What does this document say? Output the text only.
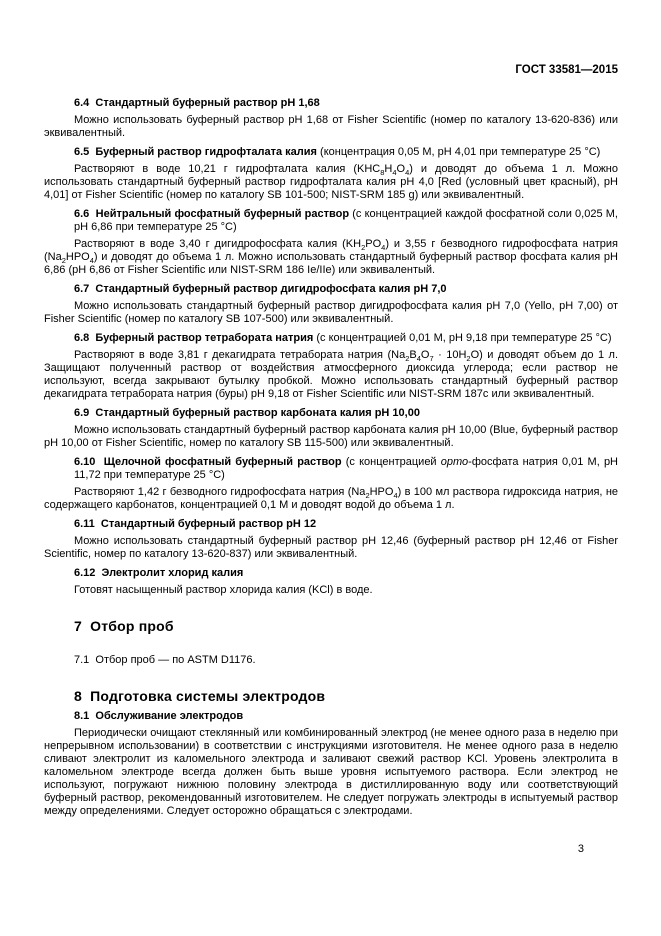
ГОСТ 33581—2015
6.4  Стандартный буферный раствор pH 1,68
Можно использовать буферный раствор pH 1,68 от Fisher Scientific (номер по каталогу 13-620-836) или эквивалентный.
6.5  Буферный раствор гидрофталата калия (концентрация 0,05 М, pH 4,01 при температуре 25 °C)
Растворяют в воде 10,21 г гидрофталата калия $(KHC_8H_4O_4)$ и доводят до объема 1 л. Можно использовать стандартный буферный раствор гидрофталата калия pH 4,0 [Red (условный цвет красный), pH 4,01] от Fisher Scientific (номер по каталогу SB 101-500; NIST-SRM 185 g) или эквивалентный.
6.6  Нейтральный фосфатный буферный раствор (с концентрацией каждой фосфатной соли 0,025 М, pH 6,86 при температуре 25 °C)
Растворяют в воде 3,40 г дигидрофосфата калия $(KH_2PO_4)$ и 3,55 г безводного гидрофосфата натрия $(Na_2HPO_4)$ и доводят до объема 1 л. Можно использовать стандартный буферный раствор фосфата калия pH 6,86 (pH 6,86 от Fisher Scientific или NIST-SRM 186 Ie/IIe) или эквивалентый.
6.7  Стандартный буферный раствор дигидрофосфата калия pH 7,0
Можно использовать стандартный буферный раствор дигидрофосфата калия pH 7,0 (Yello, pH 7,00) от Fisher Scientific (номер по каталогу SB 107-500) или эквивалентный.
6.8  Буферный раствор тетрабората натрия (с концентрацией 0,01 М, pH 9,18 при температуре 25 °C)
Растворяют в воде 3,81 г декагидрата тетрабората натрия $(Na_2B_4O_7 \cdot 10H_2O)$ и доводят объем до 1 л. Защищают полученный раствор от воздействия атмосферного диоксида углерода; если раствор не используют, всегда закрывают бутылку пробкой. Можно использовать стандартный буферный раствор декагидрата тетрабората натрия (буры) pH 9,18 от Fisher Scientific или NIST-SRM 187c или эквивалентный.
6.9  Стандартный буферный раствор карбоната калия pH 10,00
Можно использовать стандартный буферный раствор карбоната калия pH 10,00 (Blue, буферный раствор pH 10,00 от Fisher Scientific, номер по каталогу SB 115-500) или эквивалентный.
6.10  Щелочной фосфатный буферный раствор (с концентрацией орто-фосфата натрия 0,01 М, pH 11,72 при температуре 25 °C)
Растворяют 1,42 г безводного гидрофосфата натрия $(Na_2HPO_4)$ в 100 мл раствора гидроксида натрия, не содержащего карбонатов, концентрацией 0,1 М и доводят водой до объема 1 л.
6.11  Стандартный буферный раствор pH 12
Можно использовать стандартный буферный раствор pH 12,46 (буферный раствор pH 12,46 от Fisher Scientific, номер по каталогу 13-620-837) или эквивалентный.
6.12  Электролит хлорид калия
Готовят насыщенный раствор хлорида калия (KCl) в воде.
7  Отбор проб
7.1  Отбор проб — по ASTM D1176.
8  Подготовка системы электродов
8.1  Обслуживание электродов
Периодически очищают стеклянный или комбинированный электрод (не менее одного раза в неделю при непрерывном использовании) в соответствии с инструкциями изготовителя. Не менее одного раза в неделю сливают электролит из каломельного электрода и заливают свежий раствор KCl. Уровень электролита в каломельном электроде всегда должен быть выше уровня испытуемого раствора. Если электрод не используют, погружают нижнюю половину электрода в дистиллированную воду или соответствующий буферный раствор, рекомендованный изготовителем. Не следует погружать электроды в испытуемый раствор между определениями. Следует осторожно обращаться с электродами.
3
